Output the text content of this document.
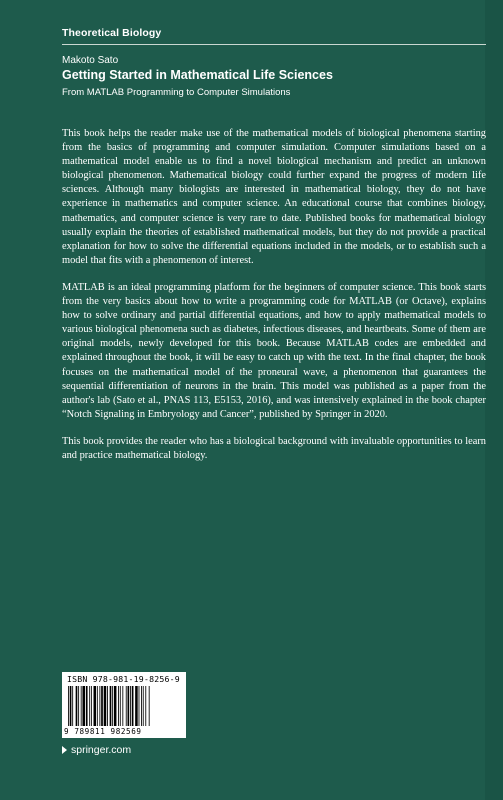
Theoretical Biology
Makoto Sato
Getting Started in Mathematical Life Sciences
From MATLAB Programming to Computer Simulations

This book helps the reader make use of the mathematical models of biological phenomena starting from the basics of programming and computer simulation. Computer simulations based on a mathematical model enable us to find a novel biological mechanism and predict an unknown biological phenomenon. Mathematical biology could further expand the progress of modern life sciences. Although many biologists are interested in mathematical biology, they do not have experience in mathematics and computer science. An educational course that combines biology, mathematics, and computer science is very rare to date. Published books for mathematical biology usually explain the theories of established mathematical models, but they do not provide a practical explanation for how to solve the differential equations included in the models, or to establish such a model that fits with a phenomenon of interest.

MATLAB is an ideal programming platform for the beginners of computer science. This book starts from the very basics about how to write a programming code for MATLAB (or Octave), explains how to solve ordinary and partial differential equations, and how to apply mathematical models to various biological phenomena such as diabetes, infectious diseases, and heartbeats. Some of them are original models, newly developed for this book. Because MATLAB codes are embedded and explained throughout the book, it will be easy to catch up with the text. In the final chapter, the book focuses on the mathematical model of the proneural wave, a phenomenon that guarantees the sequential differentiation of neurons in the brain. This model was published as a paper from the author's lab (Sato et al., PNAS 113, E5153, 2016), and was intensively explained in the book chapter “Notch Signaling in Embryology and Cancer”, published by Springer in 2020.

This book provides the reader who has a biological background with invaluable opportunities to learn and practice mathematical biology.

ISBN 978-981-19-8256-9
9 789811 982569
springer.com
